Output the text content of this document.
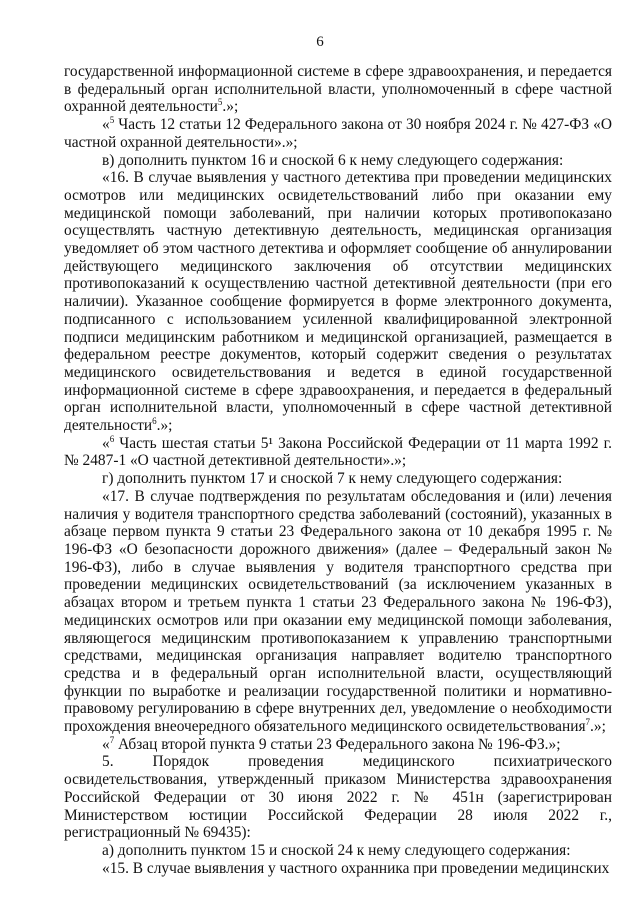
6

государственной информационной системе в сфере здравоохранения, и передается в федеральный орган исполнительной власти, уполномоченный в сфере частной охранной деятельности$^5$.»;

«$^5$ Часть 12 статьи 12 Федерального закона от 30 ноября 2024 г. № 427-ФЗ «О частной охранной деятельности».»;

в) дополнить пунктом 16 и сноской 6 к нему следующего содержания:

«16. В случае выявления у частного детектива при проведении медицинских осмотров или медицинских освидетельствований либо при оказании ему медицинской помощи заболеваний, при наличии которых противопоказано осуществлять частную детективную деятельность, медицинская организация уведомляет об этом частного детектива и оформляет сообщение об аннулировании действующего медицинского заключения об отсутствии медицинских противопоказаний к осуществлению частной детективной деятельности (при его наличии). Указанное сообщение формируется в форме электронного документа, подписанного с использованием усиленной квалифицированной электронной подписи медицинским работником и медицинской организацией, размещается в федеральном реестре документов, который содержит сведения о результатах медицинского освидетельствования и ведется в единой государственной информационной системе в сфере здравоохранения, и передается в федеральный орган исполнительной власти, уполномоченный в сфере частной детективной деятельности$^6$.»;

«$^6$ Часть шестая статьи 5¹ Закона Российской Федерации от 11 марта 1992 г. № 2487-1 «О частной детективной деятельности».»;

г) дополнить пунктом 17 и сноской 7 к нему следующего содержания:

«17. В случае подтверждения по результатам обследования и (или) лечения наличия у водителя транспортного средства заболеваний (состояний), указанных в абзаце первом пункта 9 статьи 23 Федерального закона от 10 декабря 1995 г. № 196-ФЗ «О безопасности дорожного движения» (далее – Федеральный закон № 196-ФЗ), либо в случае выявления у водителя транспортного средства при проведении медицинских освидетельствований (за исключением указанных в абзацах втором и третьем пункта 1 статьи 23 Федерального закона № 196-ФЗ), медицинских осмотров или при оказании ему медицинской помощи заболевания, являющегося медицинским противопоказанием к управлению транспортными средствами, медицинская организация направляет водителю транспортного средства и в федеральный орган исполнительной власти, осуществляющий функции по выработке и реализации государственной политики и нормативно-правовому регулированию в сфере внутренних дел, уведомление о необходимости прохождения внеочередного обязательного медицинского освидетельствования$^7$.»;

«$^7$ Абзац второй пункта 9 статьи 23 Федерального закона № 196-ФЗ.»;

5. Порядок проведения медицинского психиатрического освидетельствования, утвержденный приказом Министерства здравоохранения Российской Федерации от 30 июня 2022 г. № 451н (зарегистрирован Министерством юстиции Российской Федерации 28 июля 2022 г., регистрационный № 69435):

а) дополнить пунктом 15 и сноской 24 к нему следующего содержания:

«15. В случае выявления у частного охранника при проведении медицинских
